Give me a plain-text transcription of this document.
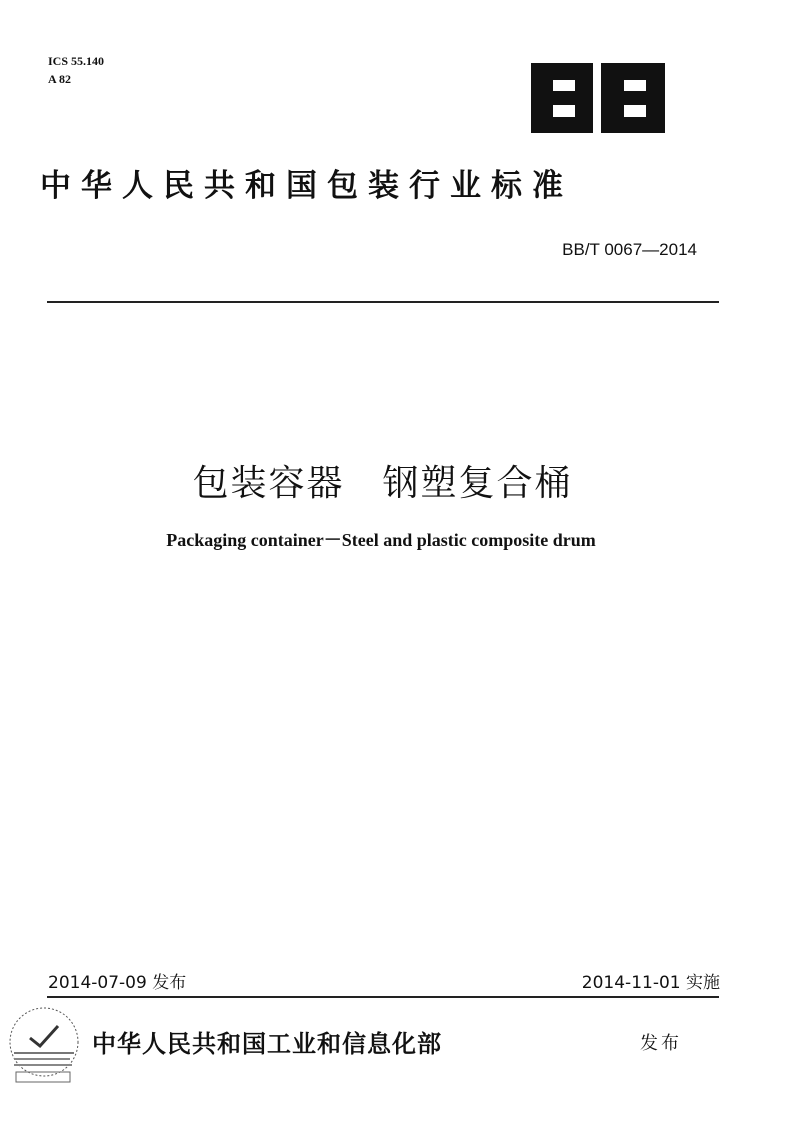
ICS 55.140
A 82
中华人民共和国包装行业标准
BB/T 0067—2014
包装容器　钢塑复合桶
Packaging container－Steel and plastic composite drum
2014-07-09 发布	2014-11-01 实施
中华人民共和国工业和信息化部	发布
